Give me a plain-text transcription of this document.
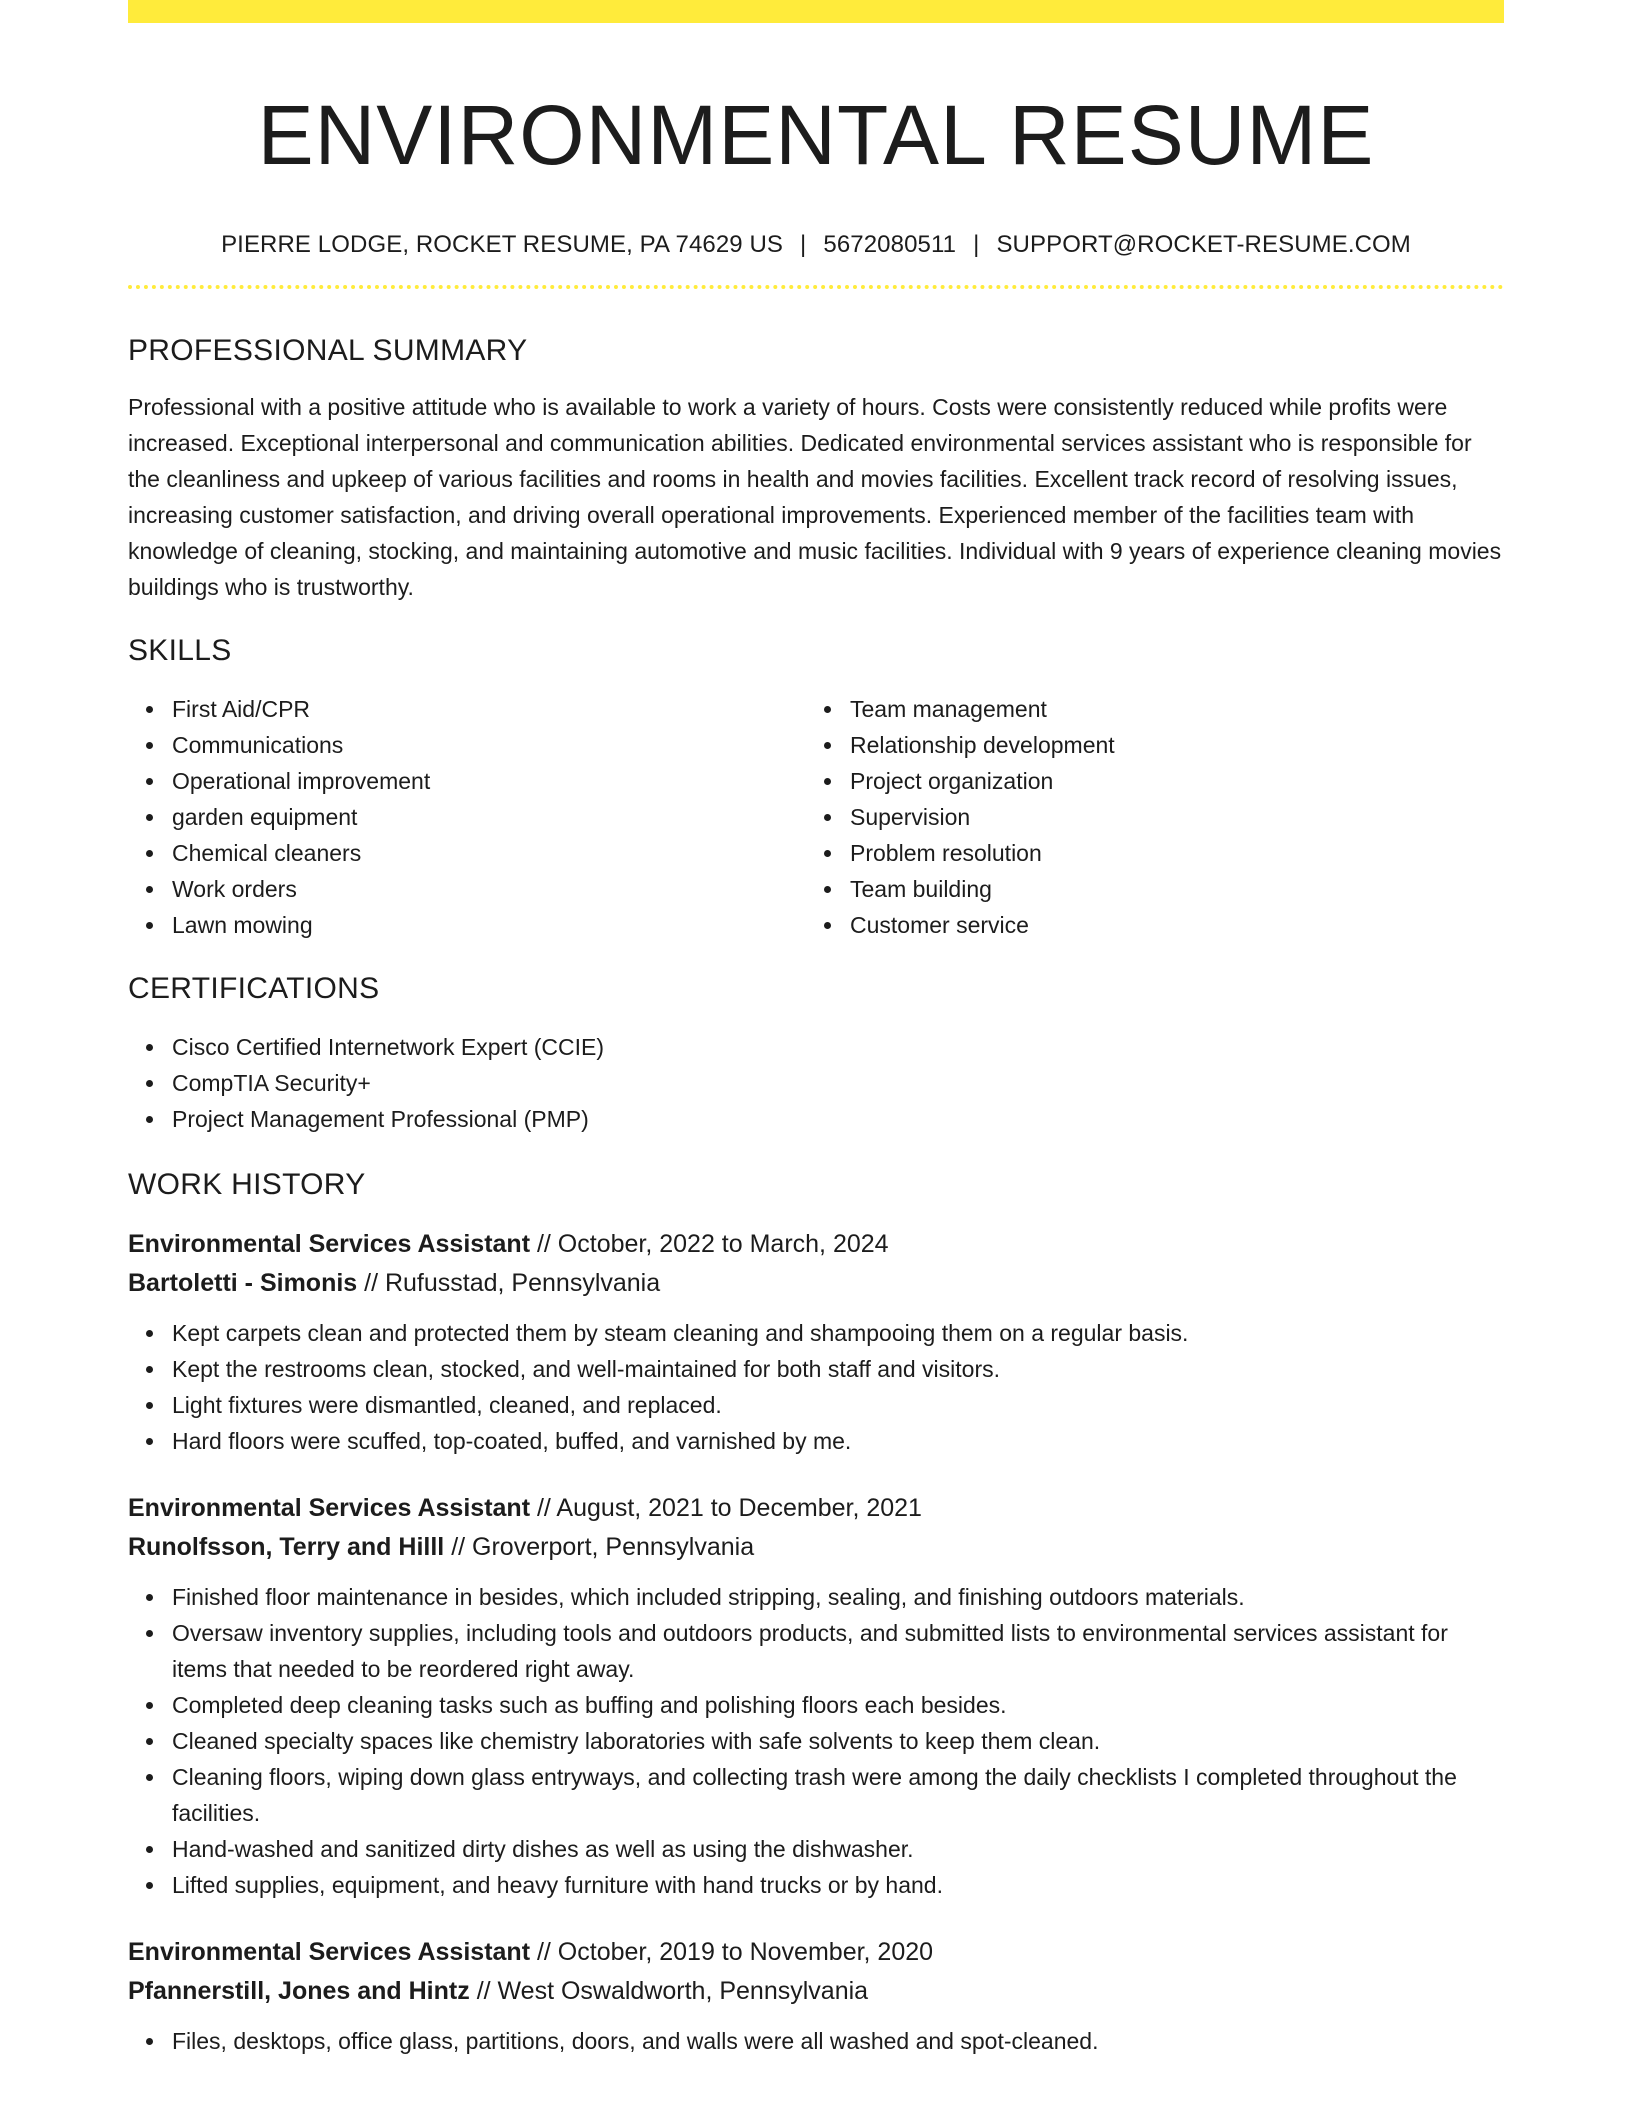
ENVIRONMENTAL RESUME
PIERRE LODGE, ROCKET RESUME, PA 74629 US | 5672080511 | SUPPORT@ROCKET-RESUME.COM
PROFESSIONAL SUMMARY

Professional with a positive attitude who is available to work a variety of hours. Costs were consistently reduced while profits were increased. Exceptional interpersonal and communication abilities. Dedicated environmental services assistant who is responsible for the cleanliness and upkeep of various facilities and rooms in health and movies facilities. Excellent track record of resolving issues, increasing customer satisfaction, and driving overall operational improvements. Experienced member of the facilities team with knowledge of cleaning, stocking, and maintaining automotive and music facilities. Individual with 9 years of experience cleaning movies buildings who is trustworthy.

SKILLS
First Aid/CPR
Communications
Operational improvement
garden equipment
Chemical cleaners
Work orders
Lawn mowing
Team management
Relationship development
Project organization
Supervision
Problem resolution
Team building
Customer service
CERTIFICATIONS
Cisco Certified Internetwork Expert (CCIE)
CompTIA Security+
Project Management Professional (PMP)
WORK HISTORY
Environmental Services Assistant // October, 2022 to March, 2024
Bartoletti - Simonis // Rufusstad, Pennsylvania
Kept carpets clean and protected them by steam cleaning and shampooing them on a regular basis.
Kept the restrooms clean, stocked, and well-maintained for both staff and visitors.
Light fixtures were dismantled, cleaned, and replaced.
Hard floors were scuffed, top-coated, buffed, and varnished by me.
Environmental Services Assistant // August, 2021 to December, 2021
Runolfsson, Terry and Hilll // Groverport, Pennsylvania
Finished floor maintenance in besides, which included stripping, sealing, and finishing outdoors materials.
Oversaw inventory supplies, including tools and outdoors products, and submitted lists to environmental services assistant for items that needed to be reordered right away.
Completed deep cleaning tasks such as buffing and polishing floors each besides.
Cleaned specialty spaces like chemistry laboratories with safe solvents to keep them clean.
Cleaning floors, wiping down glass entryways, and collecting trash were among the daily checklists I completed throughout the facilities.
Hand-washed and sanitized dirty dishes as well as using the dishwasher.
Lifted supplies, equipment, and heavy furniture with hand trucks or by hand.
Environmental Services Assistant // October, 2019 to November, 2020
Pfannerstill, Jones and Hintz // West Oswaldworth, Pennsylvania
Files, desktops, office glass, partitions, doors, and walls were all washed and spot-cleaned.
